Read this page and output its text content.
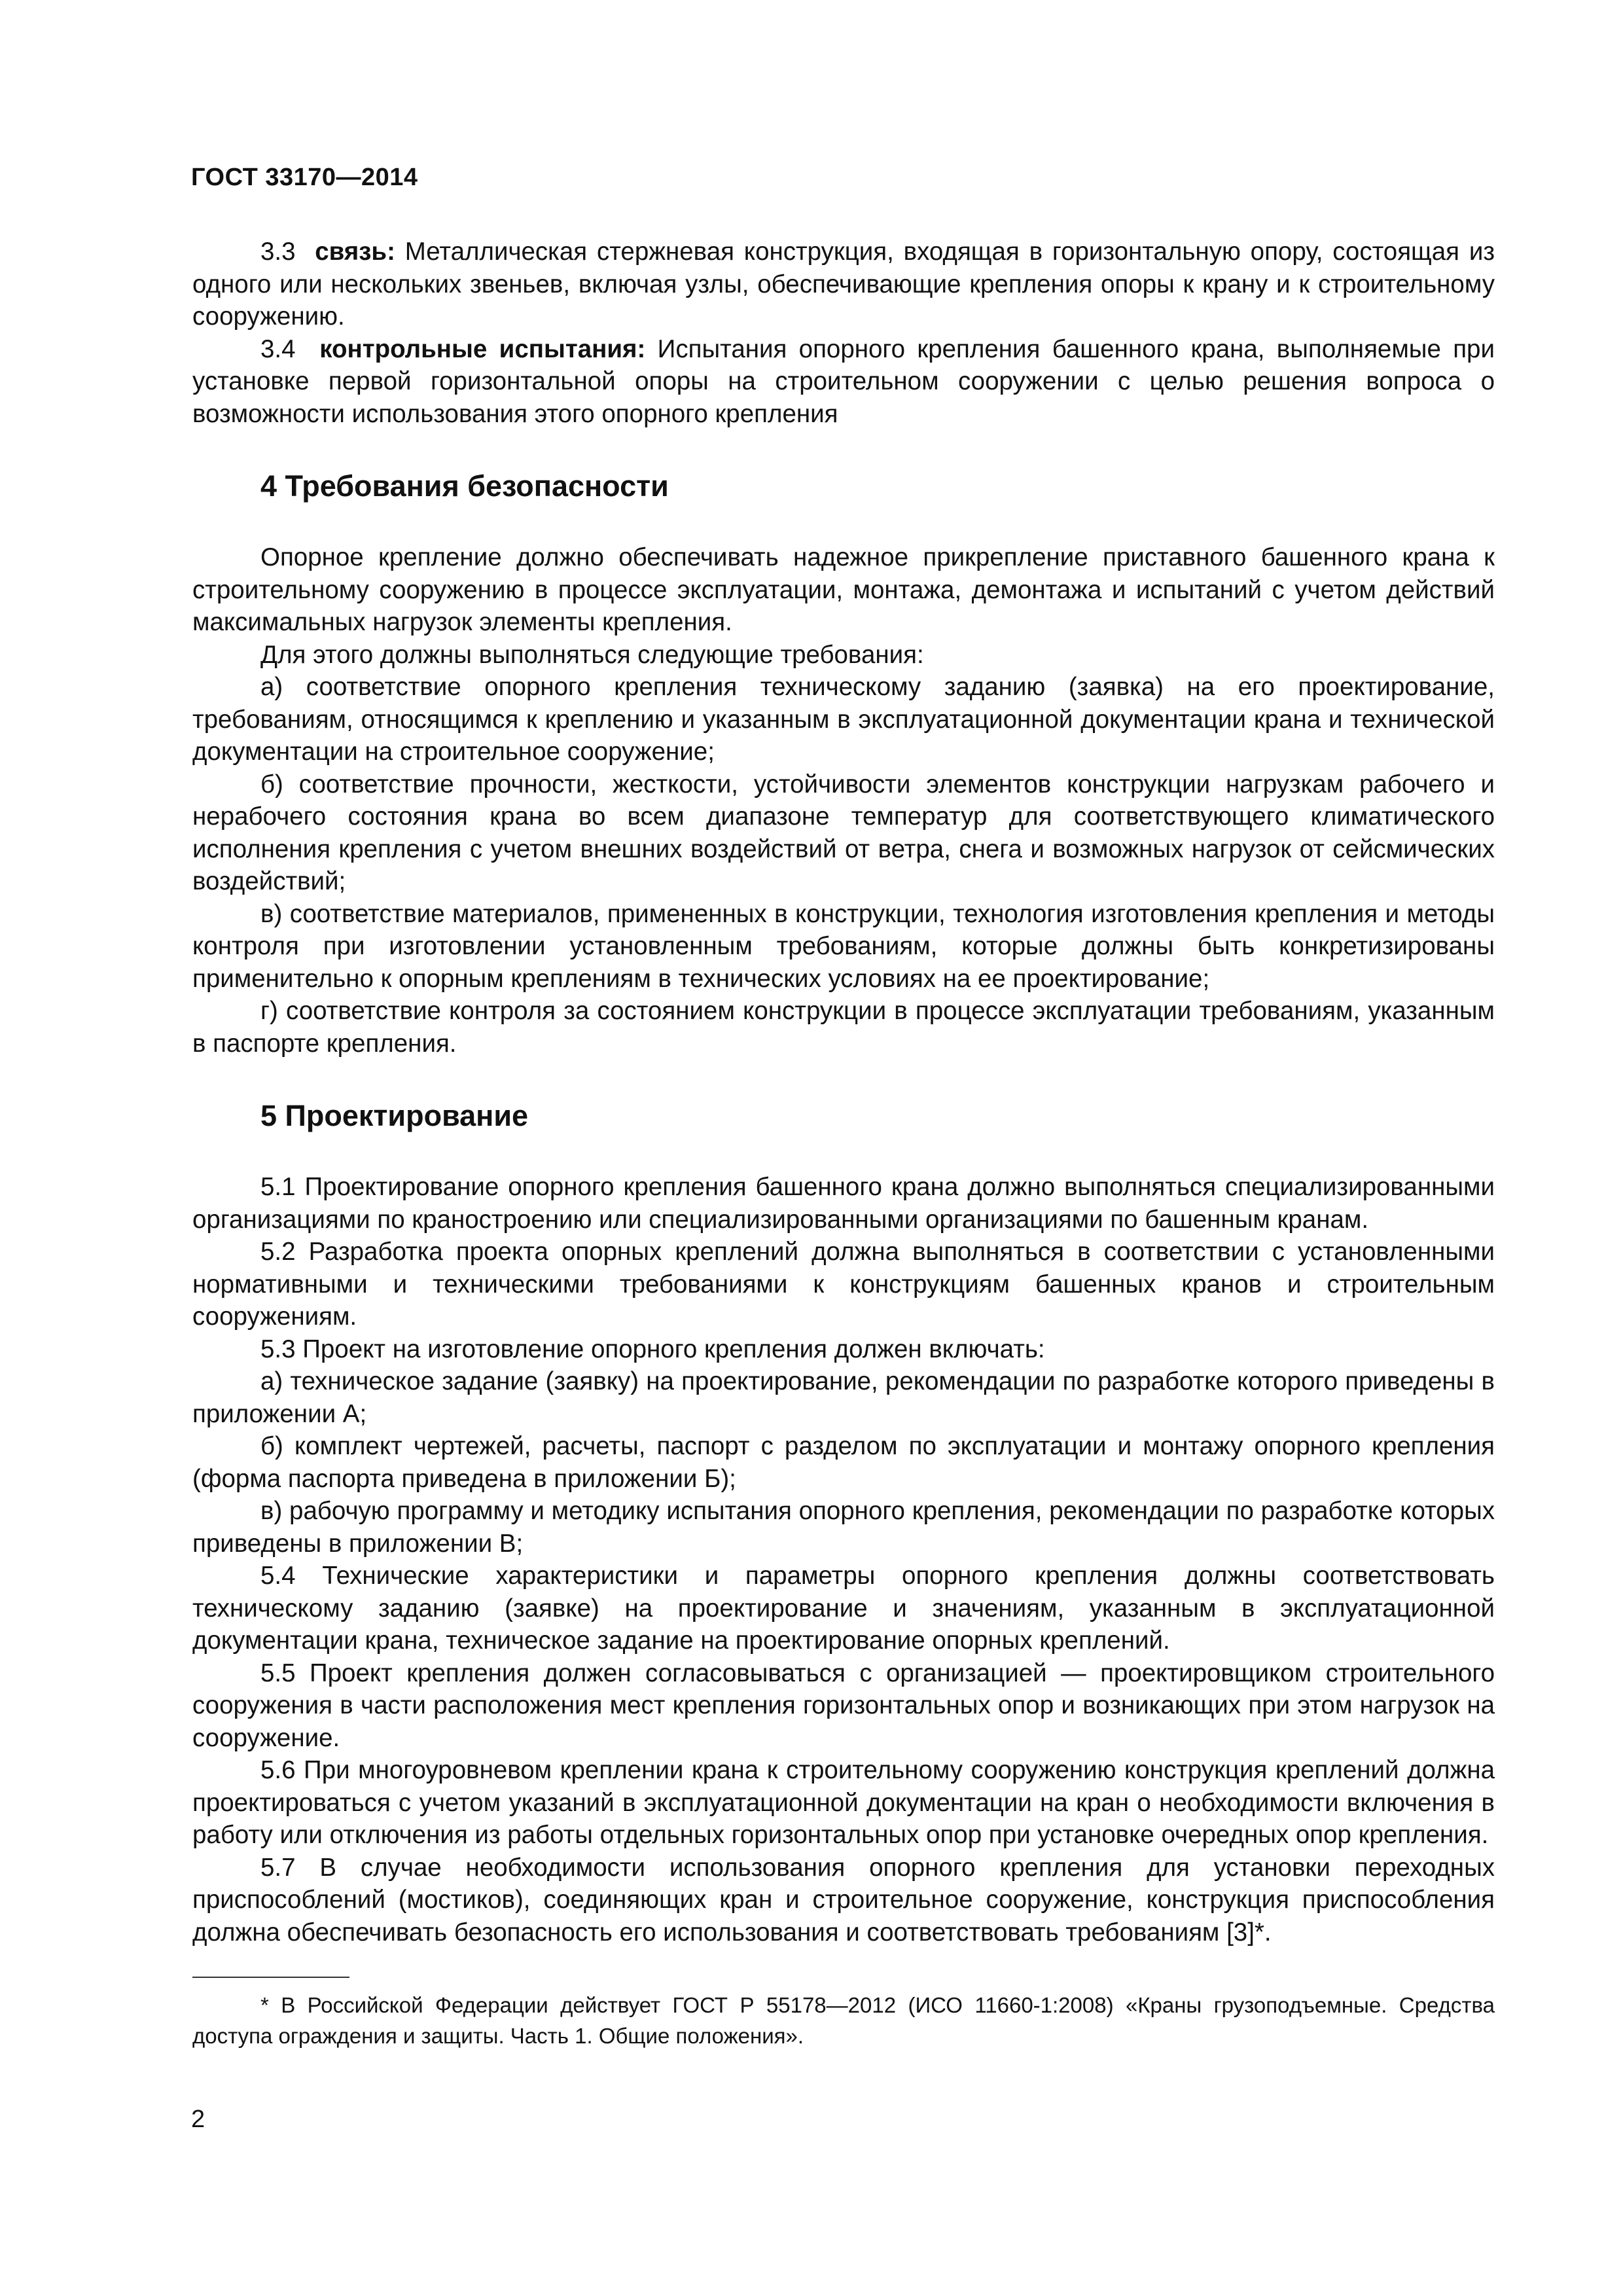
ГОСТ 33170—2014

3.3 связь: Металлическая стержневая конструкция, входящая в горизонтальную опору, состоящая из одного или нескольких звеньев, включая узлы, обеспечивающие крепления опоры к крану и к строительному сооружению.

3.4 контрольные испытания: Испытания опорного крепления башенного крана, выполняемые при установке первой горизонтальной опоры на строительном сооружении с целью решения вопроса о возможности использования этого опорного крепления

4 Требования безопасности

Опорное крепление должно обеспечивать надежное прикрепление приставного башенного крана к строительному сооружению в процессе эксплуатации, монтажа, демонтажа и испытаний с учетом действий максимальных нагрузок элементы крепления.

Для этого должны выполняться следующие требования:

а) соответствие опорного крепления техническому заданию (заявка) на его проектирование, требованиям, относящимся к креплению и указанным в эксплуатационной документации крана и технической документации на строительное сооружение;

б) соответствие прочности, жесткости, устойчивости элементов конструкции нагрузкам рабочего и нерабочего состояния крана во всем диапазоне температур для соответствующего климатического исполнения крепления с учетом внешних воздействий от ветра, снега и возможных нагрузок от сейсмических воздействий;

в) соответствие материалов, примененных в конструкции, технология изготовления крепления и методы контроля при изготовлении установленным требованиям, которые должны быть конкретизированы применительно к опорным креплениям в технических условиях на ее проектирование;

г) соответствие контроля за состоянием конструкции в процессе эксплуатации требованиям, указанным в паспорте крепления.

5 Проектирование

5.1 Проектирование опорного крепления башенного крана должно выполняться специализированными организациями по краностроению или специализированными организациями по башенным кранам.

5.2 Разработка проекта опорных креплений должна выполняться в соответствии с установленными нормативными и техническими требованиями к конструкциям башенных кранов и строительным сооружениям.

5.3 Проект на изготовление опорного крепления должен включать:

а) техническое задание (заявку) на проектирование, рекомендации по разработке которого приведены в приложении А;

б) комплект чертежей, расчеты, паспорт с разделом по эксплуатации и монтажу опорного крепления (форма паспорта приведена в приложении Б);

в) рабочую программу и методику испытания опорного крепления, рекомендации по разработке которых приведены в приложении В;

5.4 Технические характеристики и параметры опорного крепления должны соответствовать техническому заданию (заявке) на проектирование и значениям, указанным в эксплуатационной документации крана, техническое задание на проектирование опорных креплений.

5.5 Проект крепления должен согласовываться с организацией — проектировщиком строительного сооружения в части расположения мест крепления горизонтальных опор и возникающих при этом нагрузок на сооружение.

5.6 При многоуровневом креплении крана к строительному сооружению конструкция креплений должна проектироваться с учетом указаний в эксплуатационной документации на кран о необходимости включения в работу или отключения из работы отдельных горизонтальных опор при установке очередных опор крепления.

5.7 В случае необходимости использования опорного крепления для установки переходных приспособлений (мостиков), соединяющих кран и строительное сооружение, конструкция приспособления должна обеспечивать безопасность его использования и соответствовать требованиям [3]*.

* В Российской Федерации действует ГОСТ Р 55178—2012 (ИСО 11660-1:2008) «Краны грузоподъемные. Средства доступа ограждения и защиты. Часть 1. Общие положения».

2
